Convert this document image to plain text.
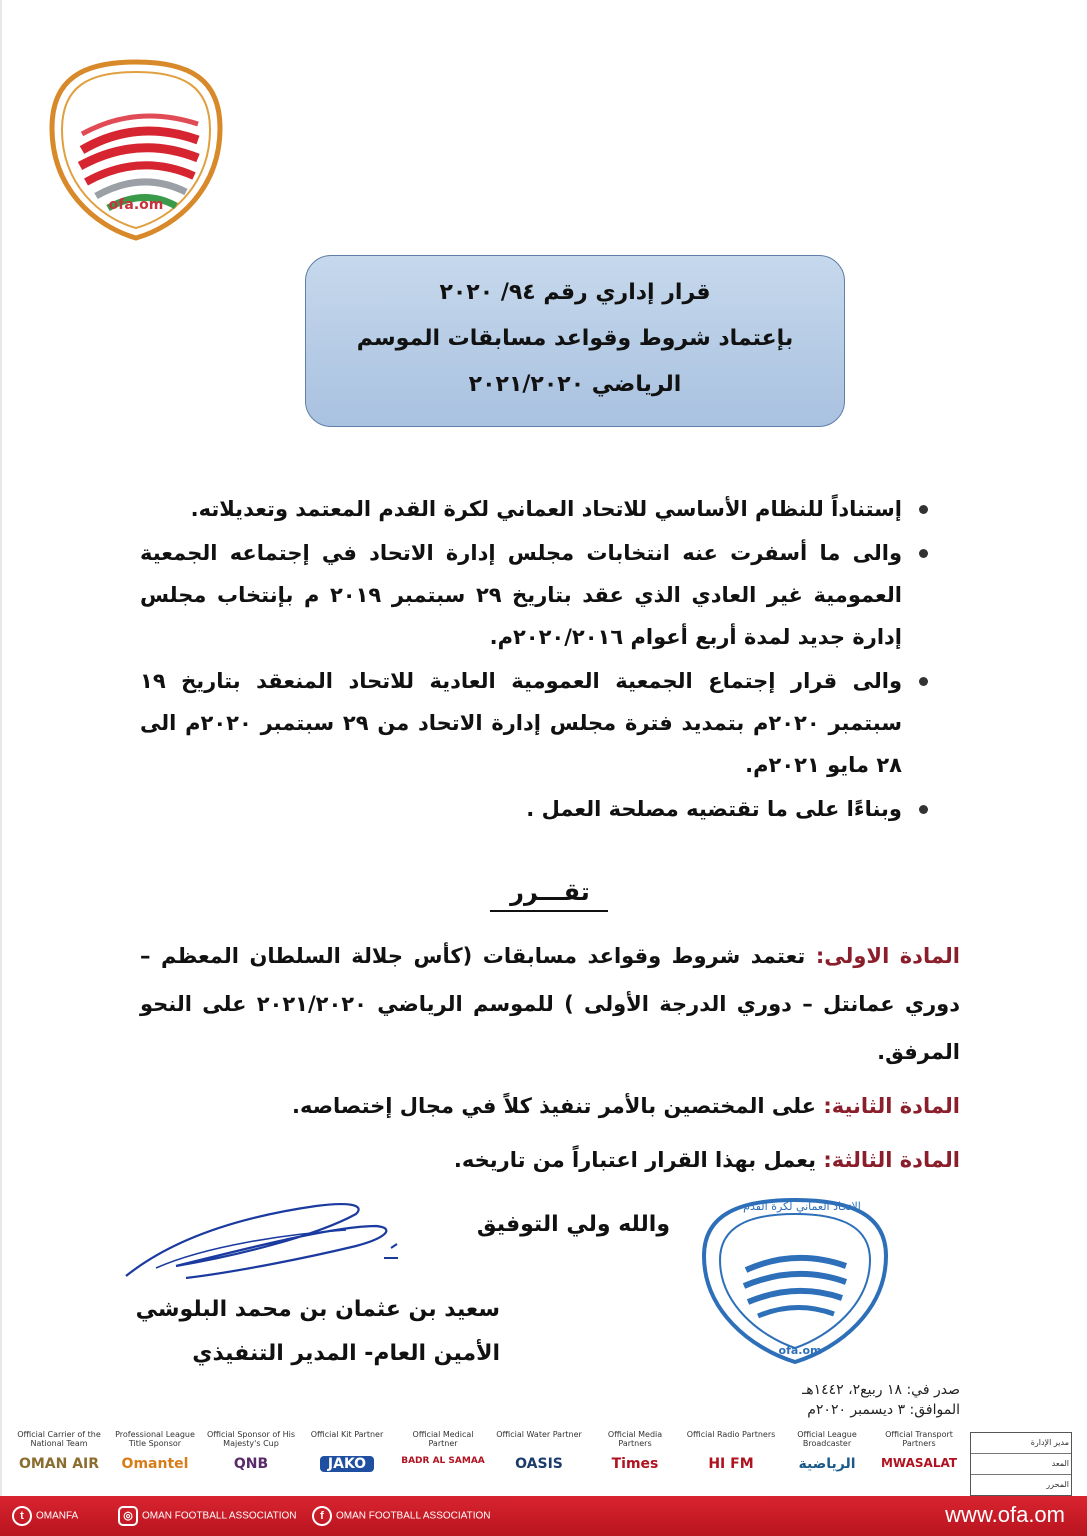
ofa.om
قرار إداري رقم ٩٤/ ٢٠٢٠
بإعتماد شروط وقواعد مسابقات الموسم
الرياضي ٢٠٢١/٢٠٢٠
إستناداً للنظام الأساسي للاتحاد العماني لكرة القدم المعتمد وتعديلاته.
والى ما أسفرت عنه انتخابات مجلس إدارة الاتحاد في إجتماعه الجمعية العمومية غير العادي الذي عقد بتاريخ ٢٩ سبتمبر ٢٠١٩ م بإنتخاب مجلس إدارة جديد لمدة أربع أعوام ٢٠٢٠/٢٠١٦م.
والى قرار إجتماع الجمعية العمومية العادية للاتحاد المنعقد بتاريخ ١٩ سبتمبر ٢٠٢٠م بتمديد فترة مجلس إدارة الاتحاد من ٢٩ سبتمبر ٢٠٢٠م الى ٢٨ مايو ٢٠٢١م.
وبناءًا على ما تقتضيه مصلحة العمل .
تقـــرر
المادة الاولى: تعتمد شروط وقواعد مسابقات (كأس جلالة السلطان المعظم – دوري عمانتل – دوري الدرجة الأولى ) للموسم الرياضي ٢٠٢١/٢٠٢٠ على النحو المرفق.
المادة الثانية: على المختصين بالأمر تنفيذ كلاً في مجال إختصاصه.
المادة الثالثة: يعمل بهذا القرار اعتباراً من تاريخه.
والله ولي التوفيق
سعيد بن عثمان بن محمد البلوشي
الأمين العام- المدير التنفيذي
الاتحاد العماني لكرة القدم
ofa.om
صدر في: ١٨ ربيع٢، ١٤٤٢هـ
الموافق: ٣ ديسمبر ٢٠٢٠م
Official Carrier of the National Team
OMAN AIR
Professional League Title Sponsor
Omantel
Official Sponsor of His Majesty's Cup
QNB
Official Kit Partner
JAKO
Official Medical Partner
BADR AL SAMAA
Official Water Partner
OASIS
Official Media Partners
Times
Official Radio Partners
HI FM
Official League Broadcaster
الرياضية
Official Transport Partners
MWASALAT
مدير الإدارة
المعد
المحرر
t OMANFA	◎ OMAN FOOTBALL ASSOCIATION	f OMAN FOOTBALL ASSOCIATION	www.ofa.om
